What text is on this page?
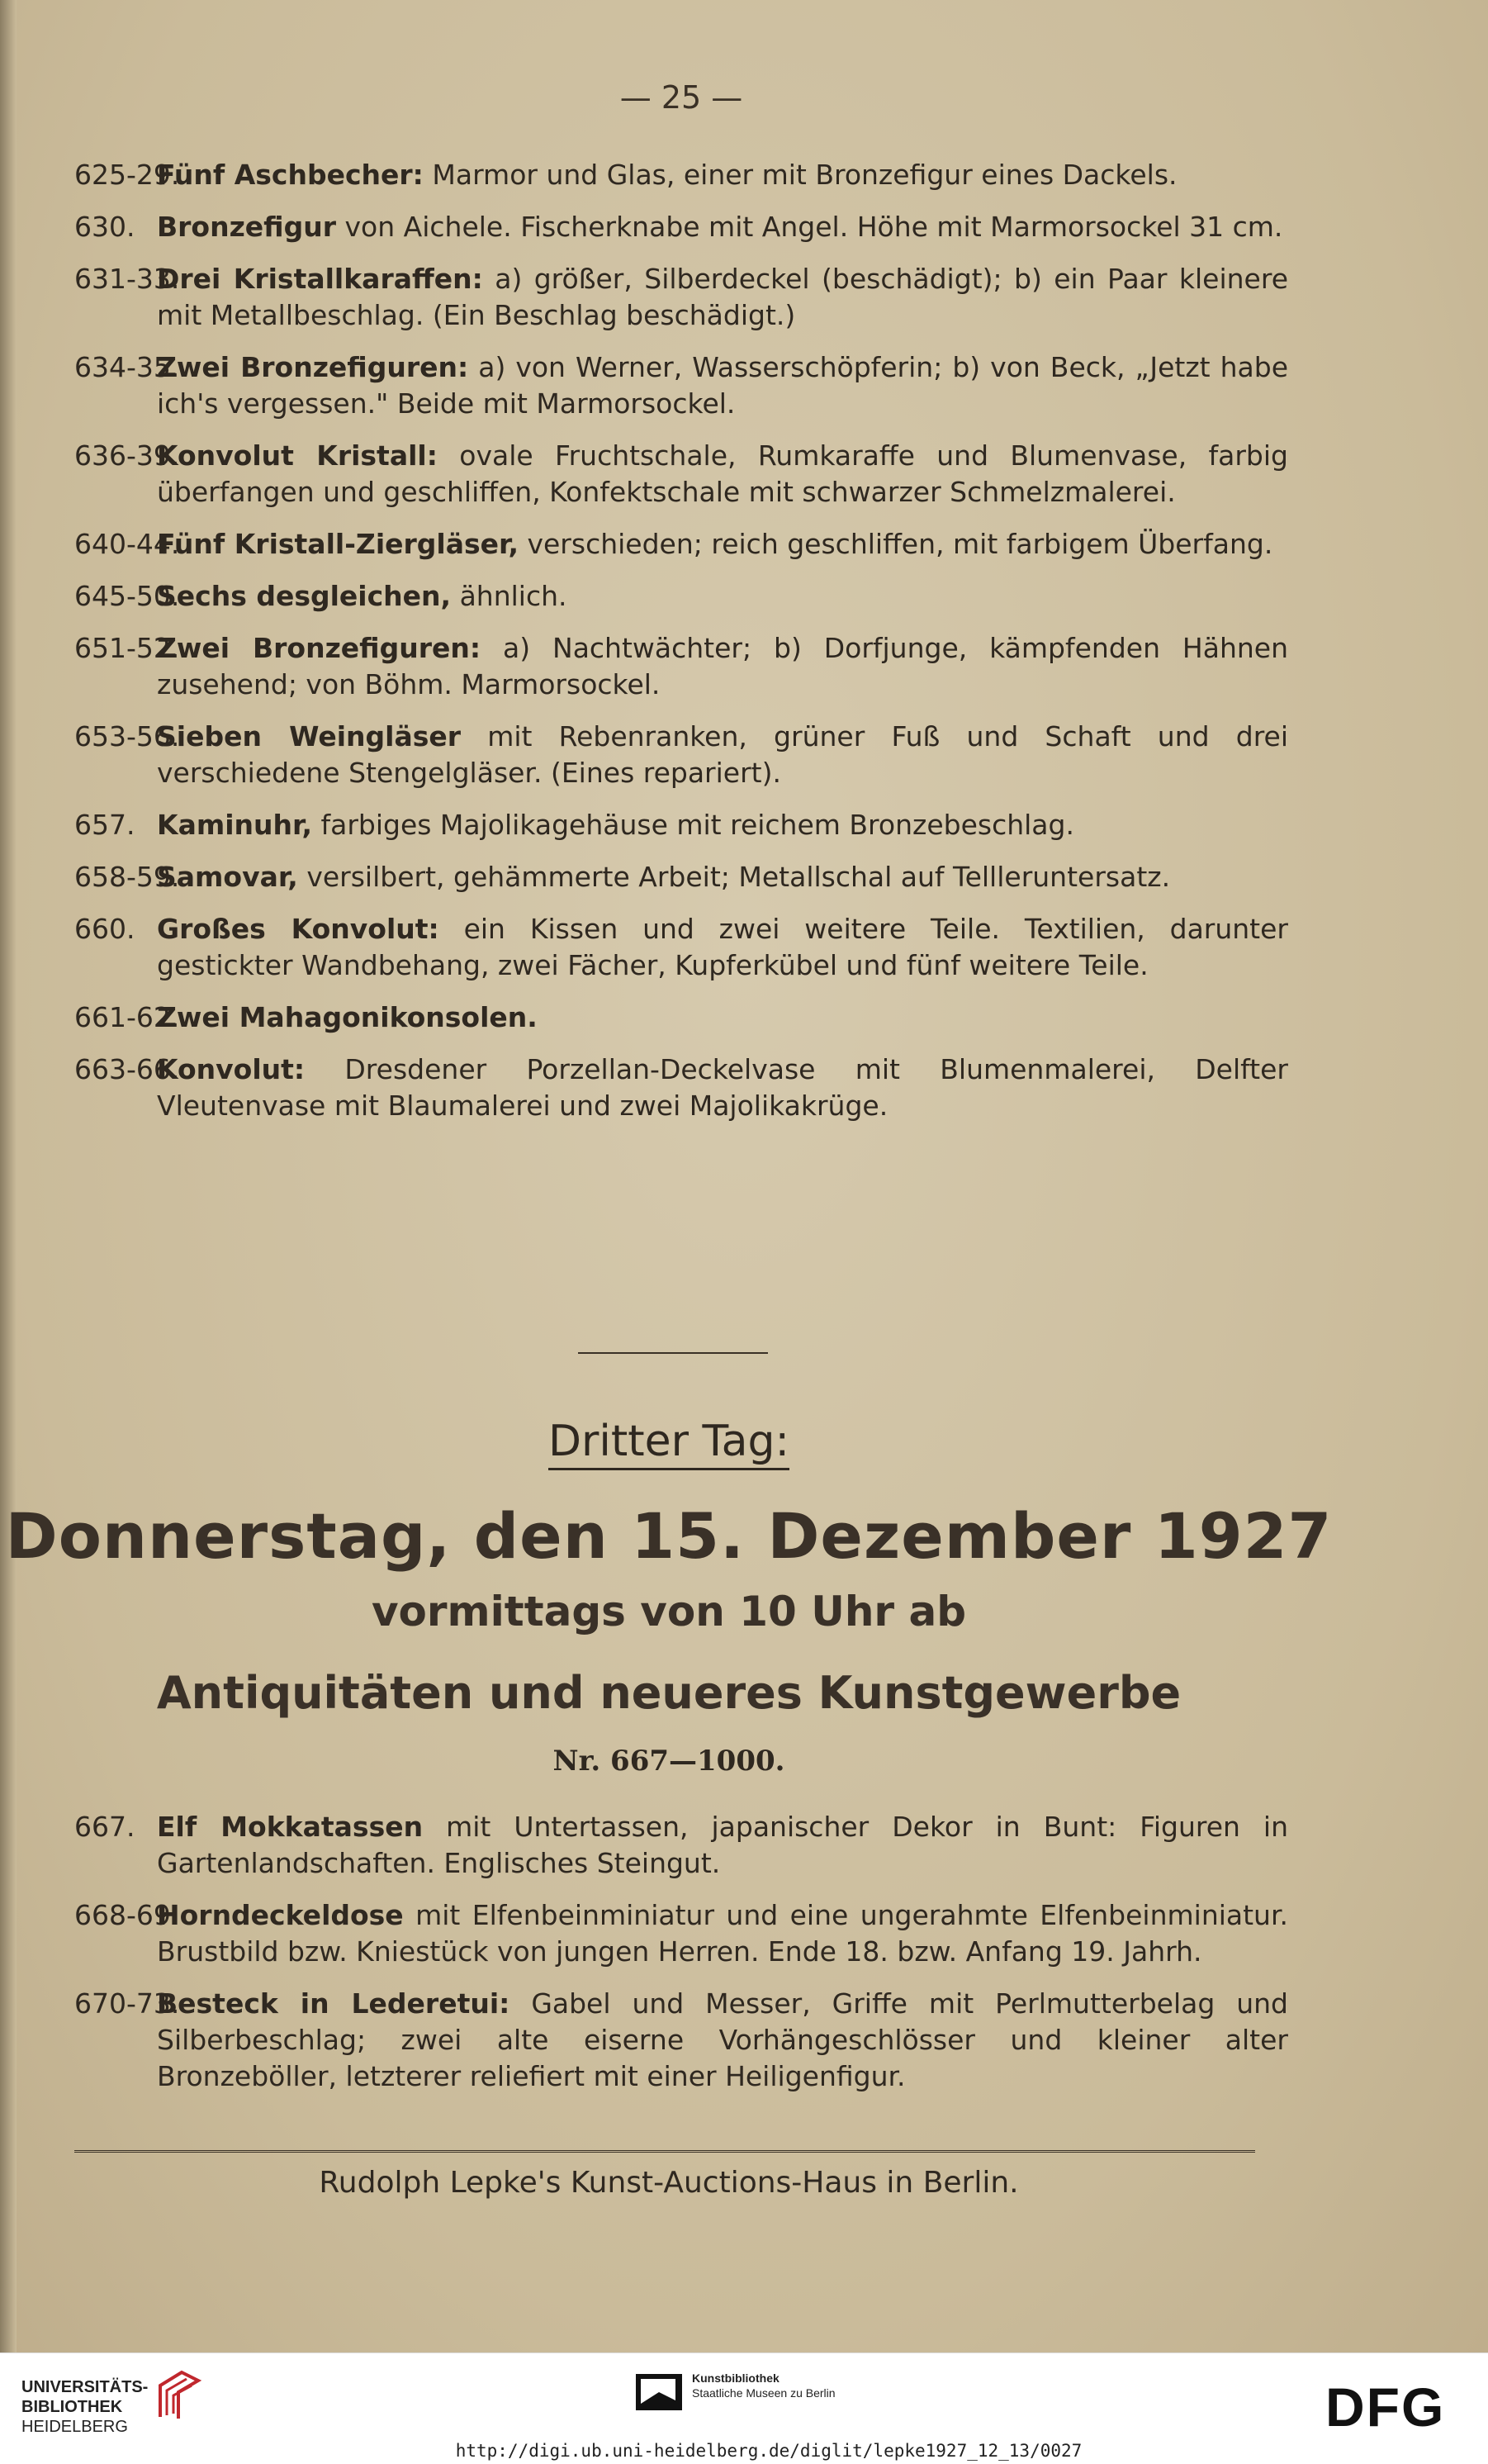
— 25 —
625-29.
Fünf Aschbecher: Marmor und Glas, einer mit Bronzefigur eines Dackels.
630. Bronzefigur von Aichele. Fischerknabe mit Angel. Höhe mit Marmorsockel 31 cm.
631-33.
Drei Kristallkaraffen: a) größer, Silberdeckel (beschädigt); b) ein Paar kleinere mit Metallbeschlag. (Ein Beschlag beschädigt.)
634-35.
Zwei Bronzefiguren: a) von Werner, Wasserschöpferin; b) von Beck, „Jetzt habe ich's vergessen." Beide mit Marmorsockel.
636-39.
Konvolut Kristall: ovale Fruchtschale, Rumkaraffe und Blumenvase, farbig überfangen und geschliffen, Konfektschale mit schwarzer Schmelzmalerei.
640-44.
Fünf Kristall-Ziergläser, verschieden; reich geschliffen, mit farbigem Überfang.
645-50.
Sechs desgleichen, ähnlich.
651-52.
Zwei Bronzefiguren: a) Nachtwächter; b) Dorfjunge, kämpfenden Hähnen zusehend; von Böhm. Marmorsockel.
653-56.
Sieben Weingläser mit Rebenranken, grüner Fuß und Schaft und drei verschiedene Stengelgläser. (Eines repariert).
657. Kaminuhr, farbiges Majolikagehäuse mit reichem Bronzebeschlag.
658-59.
Samovar, versilbert, gehämmerte Arbeit; Metallschal auf Tellleruntersatz.
660. Großes Konvolut: ein Kissen und zwei weitere Teile. Textilien, darunter gestickter Wandbehang, zwei Fächer, Kupferkübel und fünf weitere Teile.
661-62.
Zwei Mahagonikonsolen.
663-66.
Konvolut: Dresdener Porzellan-Deckelvase mit Blumenmalerei, Delfter Vleutenvase mit Blaumalerei und zwei Majolikakrüge.
Dritter Tag:
Donnerstag, den 15. Dezember 1927
vormittags von 10 Uhr ab
Antiquitäten und neueres Kunstgewerbe
Nr. 667—1000.
667. Elf Mokkatassen mit Untertassen, japanischer Dekor in Bunt: Figuren in Gartenlandschaften. Englisches Steingut.
668-69.
Horndeckeldose mit Elfenbeinminiatur und eine ungerahmte Elfenbeinminiatur. Brustbild bzw. Kniestück von jungen Herren. Ende 18. bzw. Anfang 19. Jahrh.
670-73.
Besteck in Lederetui: Gabel und Messer, Griffe mit Perlmutterbelag und Silberbeschlag; zwei alte eiserne Vorhängeschlösser und kleiner alter Bronzeböller, letzterer reliefiert mit einer Heiligenfigur.
Rudolph Lepke's Kunst-Auctions-Haus in Berlin.
UNIVERSITÄTS-
BIBLIOTHEK
HEIDELBERG
Kunstbibliothek
Staatliche Museen zu Berlin	DFG
http://digi.ub.uni-heidelberg.de/diglit/lepke1927_12_13/0027
